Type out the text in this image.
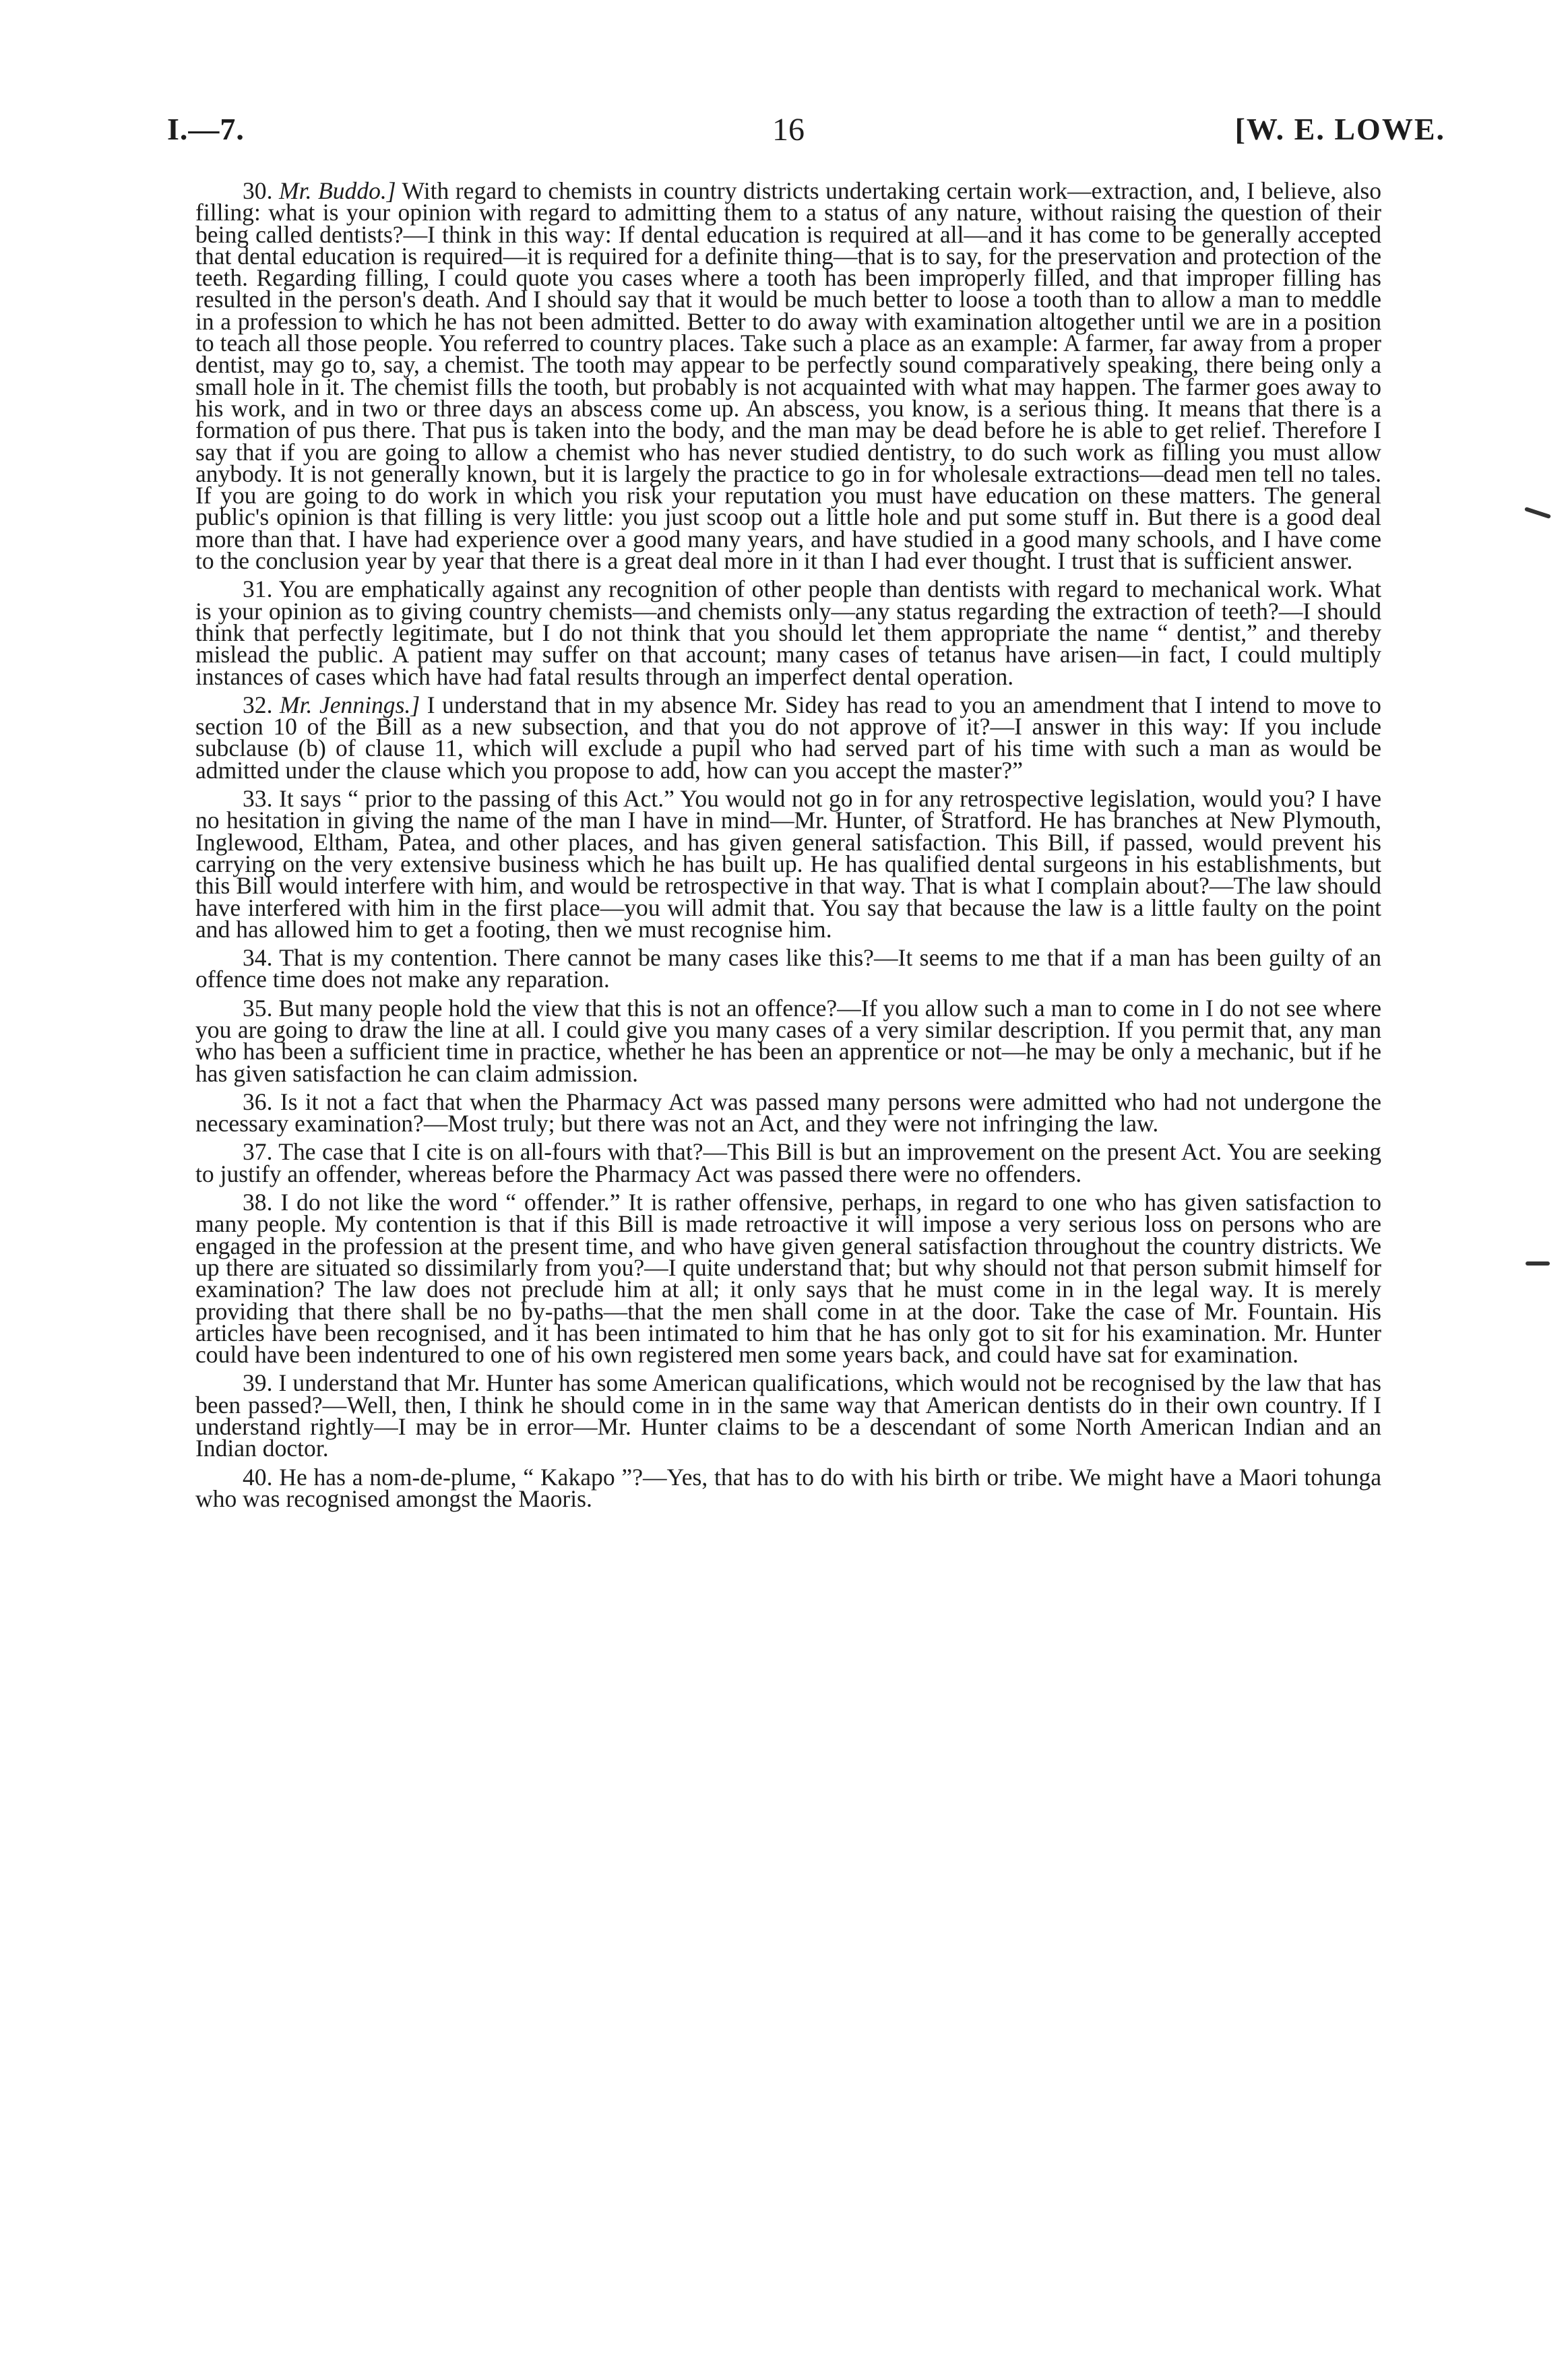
I.—7.	16	[W. E. LOWE.

30. Mr. Buddo.] With regard to chemists in country districts undertaking certain work—extraction, and, I believe, also filling: what is your opinion with regard to admitting them to a status of any nature, without raising the question of their being called dentists?—I think in this way: If dental education is required at all—and it has come to be generally accepted that dental education is required—it is required for a definite thing—that is to say, for the preservation and protection of the teeth. Regarding filling, I could quote you cases where a tooth has been improperly filled, and that improper filling has resulted in the person's death. And I should say that it would be much better to loose a tooth than to allow a man to meddle in a profession to which he has not been admitted. Better to do away with examination altogether until we are in a position to teach all those people. You referred to country places. Take such a place as an example: A farmer, far away from a proper dentist, may go to, say, a chemist. The tooth may appear to be perfectly sound comparatively speaking, there being only a small hole in it. The chemist fills the tooth, but probably is not acquainted with what may happen. The farmer goes away to his work, and in two or three days an abscess come up. An abscess, you know, is a serious thing. It means that there is a formation of pus there. That pus is taken into the body, and the man may be dead before he is able to get relief. Therefore I say that if you are going to allow a chemist who has never studied dentistry, to do such work as filling you must allow anybody. It is not generally known, but it is largely the practice to go in for wholesale extractions—dead men tell no tales. If you are going to do work in which you risk your reputation you must have education on these matters. The general public's opinion is that filling is very little: you just scoop out a little hole and put some stuff in. But there is a good deal more than that. I have had experience over a good many years, and have studied in a good many schools, and I have come to the conclusion year by year that there is a great deal more in it than I had ever thought. I trust that is sufficient answer.

31. You are emphatically against any recognition of other people than dentists with regard to mechanical work. What is your opinion as to giving country chemists—and chemists only—any status regarding the extraction of teeth?—I should think that perfectly legitimate, but I do not think that you should let them appropriate the name “ dentist,” and thereby mislead the public. A patient may suffer on that account; many cases of tetanus have arisen—in fact, I could multiply instances of cases which have had fatal results through an imperfect dental operation.

32. Mr. Jennings.] I understand that in my absence Mr. Sidey has read to you an amendment that I intend to move to section 10 of the Bill as a new subsection, and that you do not approve of it?—I answer in this way: If you include subclause (b) of clause 11, which will exclude a pupil who had served part of his time with such a man as would be admitted under the clause which you propose to add, how can you accept the master?”

33. It says “ prior to the passing of this Act.” You would not go in for any retrospective legislation, would you? I have no hesitation in giving the name of the man I have in mind—Mr. Hunter, of Stratford. He has branches at New Plymouth, Inglewood, Eltham, Patea, and other places, and has given general satisfaction. This Bill, if passed, would prevent his carrying on the very extensive business which he has built up. He has qualified dental surgeons in his establishments, but this Bill would interfere with him, and would be retrospective in that way. That is what I complain about?—The law should have interfered with him in the first place—you will admit that. You say that because the law is a little faulty on the point and has allowed him to get a footing, then we must recognise him.

34. That is my contention. There cannot be many cases like this?—It seems to me that if a man has been guilty of an offence time does not make any reparation.

35. But many people hold the view that this is not an offence?—If you allow such a man to come in I do not see where you are going to draw the line at all. I could give you many cases of a very similar description. If you permit that, any man who has been a sufficient time in practice, whether he has been an apprentice or not—he may be only a mechanic, but if he has given satisfaction he can claim admission.

36. Is it not a fact that when the Pharmacy Act was passed many persons were admitted who had not undergone the necessary examination?—Most truly; but there was not an Act, and they were not infringing the law.

37. The case that I cite is on all-fours with that?—This Bill is but an improvement on the present Act. You are seeking to justify an offender, whereas before the Pharmacy Act was passed there were no offenders.

38. I do not like the word “ offender.” It is rather offensive, perhaps, in regard to one who has given satisfaction to many people. My contention is that if this Bill is made retroactive it will impose a very serious loss on persons who are engaged in the profession at the present time, and who have given general satisfaction throughout the country districts. We up there are situated so dissimilarly from you?—I quite understand that; but why should not that person submit himself for examination? The law does not preclude him at all; it only says that he must come in in the legal way. It is merely providing that there shall be no by-paths—that the men shall come in at the door. Take the case of Mr. Fountain. His articles have been recognised, and it has been intimated to him that he has only got to sit for his examination. Mr. Hunter could have been indentured to one of his own registered men some years back, and could have sat for examination.

39. I understand that Mr. Hunter has some American qualifications, which would not be recognised by the law that has been passed?—Well, then, I think he should come in in the same way that American dentists do in their own country. If I understand rightly—I may be in error—Mr. Hunter claims to be a descendant of some North American Indian and an Indian doctor.

40. He has a nom-de-plume, “ Kakapo ”?—Yes, that has to do with his birth or tribe. We might have a Maori tohunga who was recognised amongst the Maoris.
